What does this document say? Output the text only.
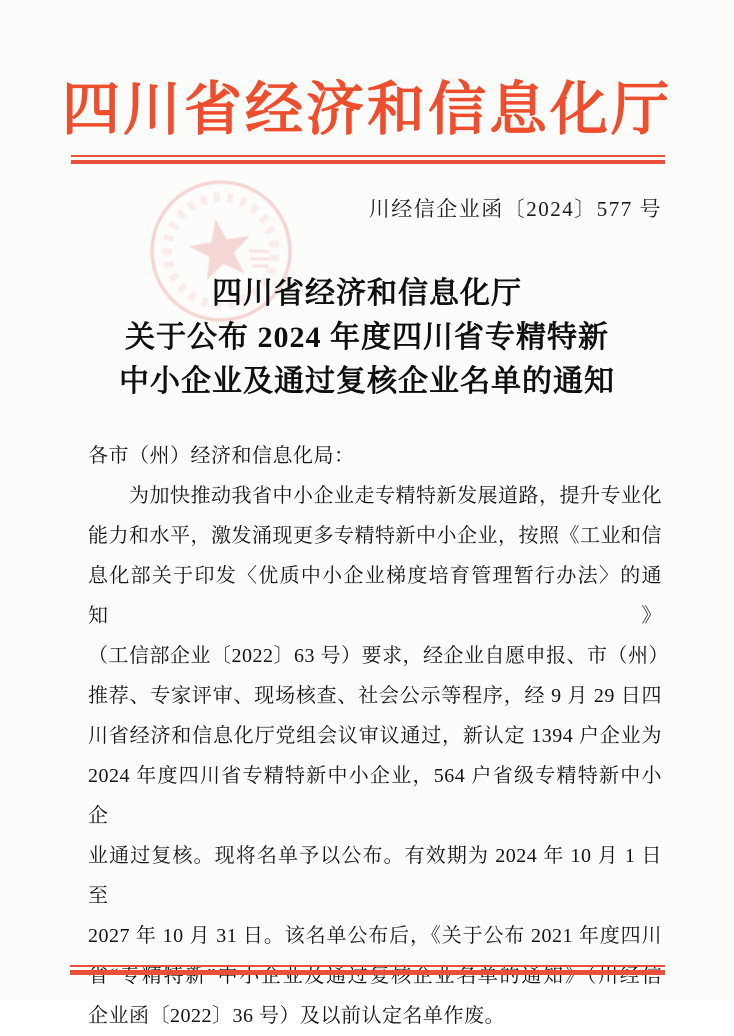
四川省经济和信息化厅
川经信企业函〔2024〕577 号
四川省经济和信息化厅
关于公布 2024 年度四川省专精特新
中小企业及通过复核企业名单的通知
各市（州）经济和信息化局：
为加快推动我省中小企业走专精特新发展道路，提升专业化
能力和水平，激发涌现更多专精特新中小企业，按照《工业和信
息化部关于印发〈优质中小企业梯度培育管理暂行办法〉的通知》
（工信部企业〔2022〕63 号）要求，经企业自愿申报、市（州）
推荐、专家评审、现场核查、社会公示等程序，经 9 月 29 日四
川省经济和信息化厅党组会议审议通过，新认定 1394 户企业为
2024 年度四川省专精特新中小企业，564 户省级专精特新中小企
业通过复核。现将名单予以公布。有效期为 2024 年 10 月 1 日至
2027 年 10 月 31 日。该名单公布后，《关于公布 2021 年度四川
省“专精特新”中小企业及通过复核企业名单的通知》（川经信
企业函〔2022〕36 号）及以前认定名单作废。
